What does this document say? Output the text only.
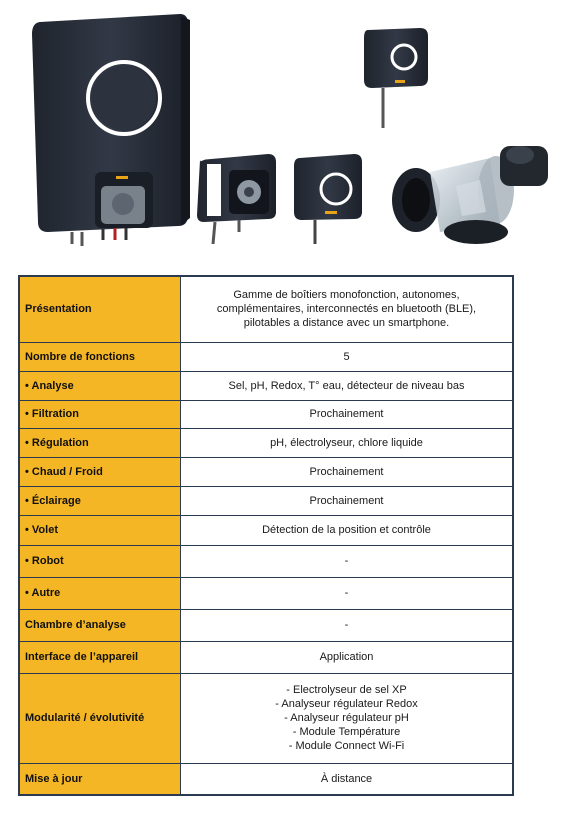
Présentation	Gamme de boîtiers monofonction, autonomes,
complémentaires, interconnectés en bluetooth (BLE),
pilotables a distance avec un smartphone.

Nombre de fonctions	5
• Analyse	Sel, pH, Redox, T° eau, détecteur de niveau bas
• Filtration	Prochainement
• Régulation	pH, électrolyseur, chlore liquide
• Chaud / Froid	Prochainement
• Éclairage	Prochainement
• Volet	Détection de la position et contrôle
• Robot	-
• Autre	-
Chambre d’analyse	-
Interface de l’appareil	Application
Modularité / évolutivité	- Electrolyseur de sel XP
- Analyseur régulateur Redox
- Analyseur régulateur pH
- Module Température
- Module Connect Wi-Fi

Mise à jour	À distance
